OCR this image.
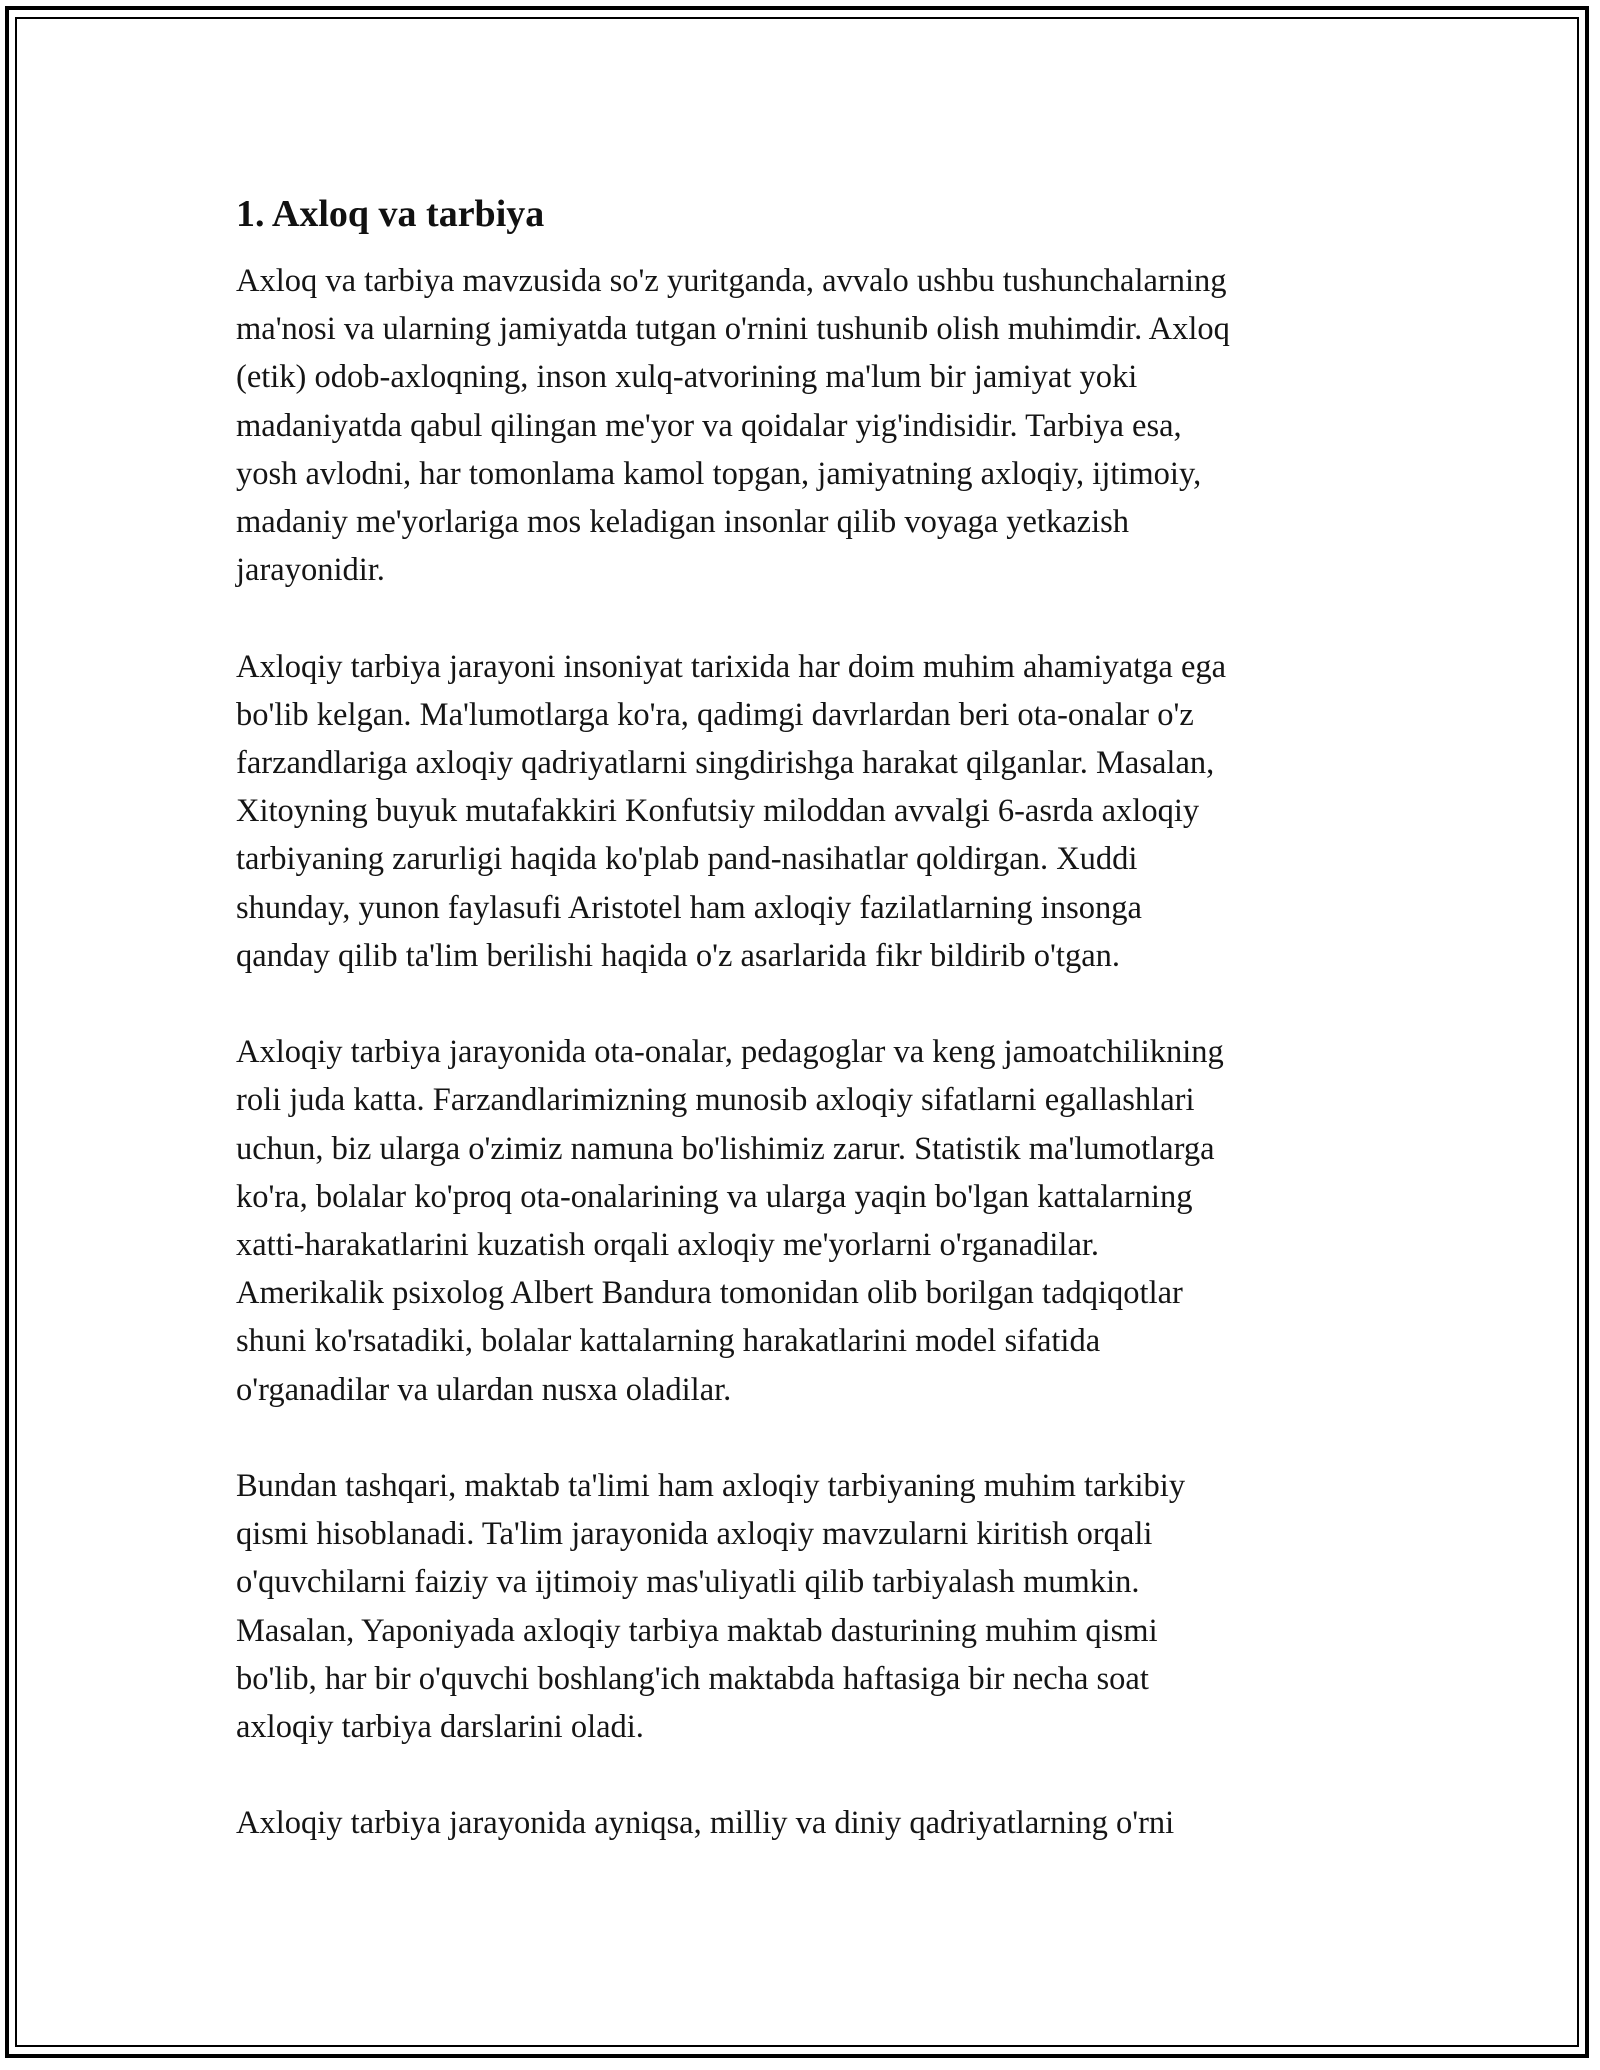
1. Axloq va tarbiya

Axloq va tarbiya mavzusida so'z yuritganda, avvalo ushbu tushunchalarning
ma'nosi va ularning jamiyatda tutgan o'rnini tushunib olish muhimdir. Axloq
(etik) odob-axloqning, inson xulq-atvorining ma'lum bir jamiyat yoki
madaniyatda qabul qilingan me'yor va qoidalar yig'indisidir. Tarbiya esa,
yosh avlodni, har tomonlama kamol topgan, jamiyatning axloqiy, ijtimoiy,
madaniy me'yorlariga mos keladigan insonlar qilib voyaga yetkazish
jarayonidir.

Axloqiy tarbiya jarayoni insoniyat tarixida har doim muhim ahamiyatga ega
bo'lib kelgan. Ma'lumotlarga ko'ra, qadimgi davrlardan beri ota-onalar o'z
farzandlariga axloqiy qadriyatlarni singdirishga harakat qilganlar. Masalan,
Xitoyning buyuk mutafakkiri Konfutsiy miloddan avvalgi 6-asrda axloqiy
tarbiyaning zarurligi haqida ko'plab pand-nasihatlar qoldirgan. Xuddi
shunday, yunon faylasufi Aristotel ham axloqiy fazilatlarning insonga
qanday qilib ta'lim berilishi haqida o'z asarlarida fikr bildirib o'tgan.

Axloqiy tarbiya jarayonida ota-onalar, pedagoglar va keng jamoatchilikning
roli juda katta. Farzandlarimizning munosib axloqiy sifatlarni egallashlari
uchun, biz ularga o'zimiz namuna bo'lishimiz zarur. Statistik ma'lumotlarga
ko'ra, bolalar ko'proq ota-onalarining va ularga yaqin bo'lgan kattalarning
xatti-harakatlarini kuzatish orqali axloqiy me'yorlarni o'rganadilar.
Amerikalik psixolog Albert Bandura tomonidan olib borilgan tadqiqotlar
shuni ko'rsatadiki, bolalar kattalarning harakatlarini model sifatida
o'rganadilar va ulardan nusxa oladilar.

Bundan tashqari, maktab ta'limi ham axloqiy tarbiyaning muhim tarkibiy
qismi hisoblanadi. Ta'lim jarayonida axloqiy mavzularni kiritish orqali
o'quvchilarni faiziy va ijtimoiy mas'uliyatli qilib tarbiyalash mumkin.
Masalan, Yaponiyada axloqiy tarbiya maktab dasturining muhim qismi
bo'lib, har bir o'quvchi boshlang'ich maktabda haftasiga bir necha soat
axloqiy tarbiya darslarini oladi.

Axloqiy tarbiya jarayonida ayniqsa, milliy va diniy qadriyatlarning o'rni
